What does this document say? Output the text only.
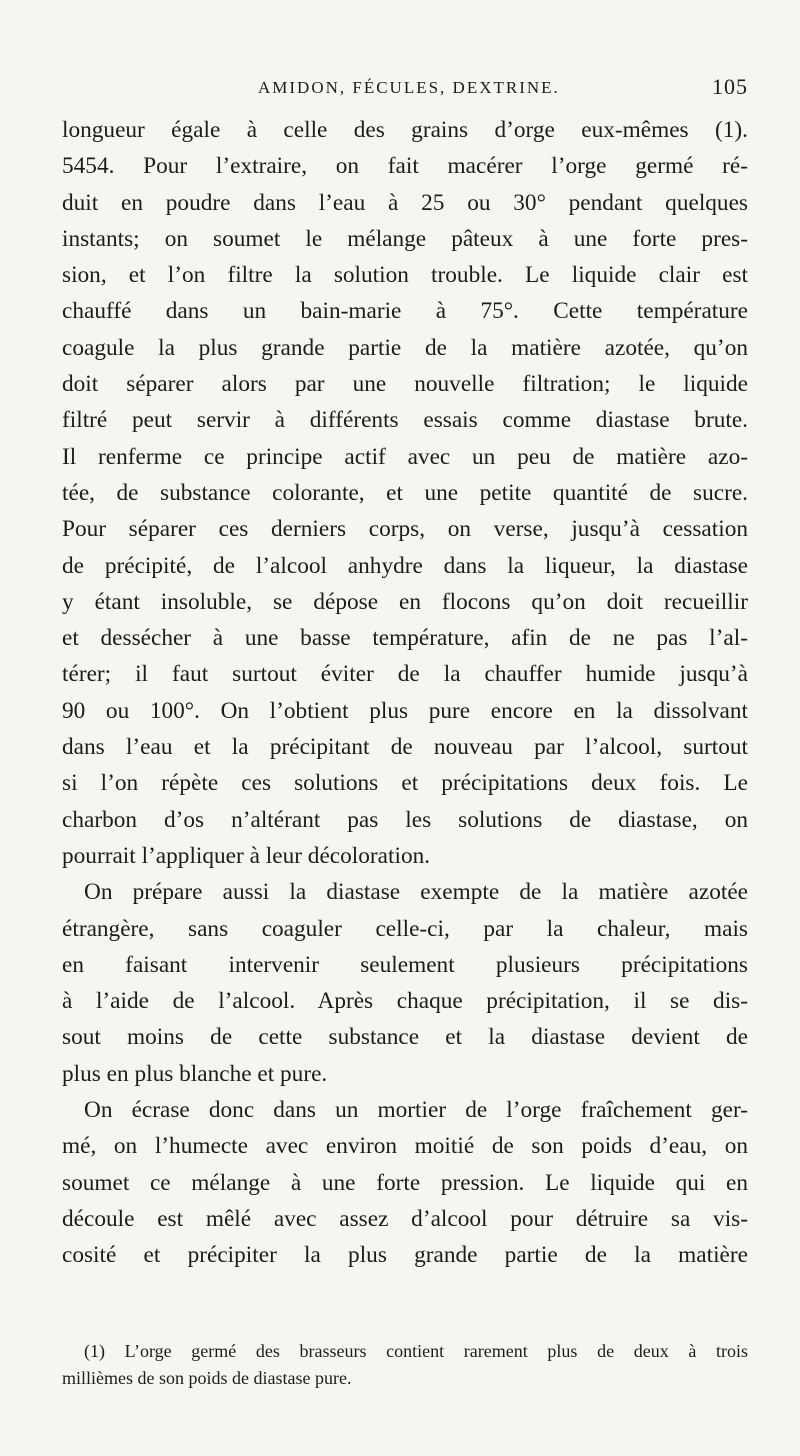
AMIDON, FÉCULES, DEXTRINE.	105
longueur égale à celle des grains d’orge eux-mêmes (1).
5454. Pour l’extraire, on fait macérer l’orge germé ré-
duit en poudre dans l’eau à 25 ou 30° pendant quelques
instants; on soumet le mélange pâteux à une forte pres-
sion, et l’on filtre la solution trouble. Le liquide clair est
chauffé dans un bain-marie à 75°. Cette température
coagule la plus grande partie de la matière azotée, qu’on
doit séparer alors par une nouvelle filtration; le liquide
filtré peut servir à différents essais comme diastase brute.
Il renferme ce principe actif avec un peu de matière azo-
tée, de substance colorante, et une petite quantité de sucre.
Pour séparer ces derniers corps, on verse, jusqu’à cessation
de précipité, de l’alcool anhydre dans la liqueur, la diastase
y étant insoluble, se dépose en flocons qu’on doit recueillir
et dessécher à une basse température, afin de ne pas l’al-
térer; il faut surtout éviter de la chauffer humide jusqu’à
90 ou 100°. On l’obtient plus pure encore en la dissolvant
dans l’eau et la précipitant de nouveau par l’alcool, surtout
si l’on répète ces solutions et précipitations deux fois. Le
charbon d’os n’altérant pas les solutions de diastase, on
pourrait l’appliquer à leur décoloration.
On prépare aussi la diastase exempte de la matière azotée
étrangère, sans coaguler celle-ci, par la chaleur, mais
en faisant intervenir seulement plusieurs précipitations
à l’aide de l’alcool. Après chaque précipitation, il se dis-
sout moins de cette substance et la diastase devient de
plus en plus blanche et pure.
On écrase donc dans un mortier de l’orge fraîchement ger-
mé, on l’humecte avec environ moitié de son poids d’eau, on
soumet ce mélange à une forte pression. Le liquide qui en
découle est mêlé avec assez d’alcool pour détruire sa vis-
cosité et précipiter la plus grande partie de la matière
(1) L’orge germé des brasseurs contient rarement plus de deux à trois
millièmes de son poids de diastase pure.
